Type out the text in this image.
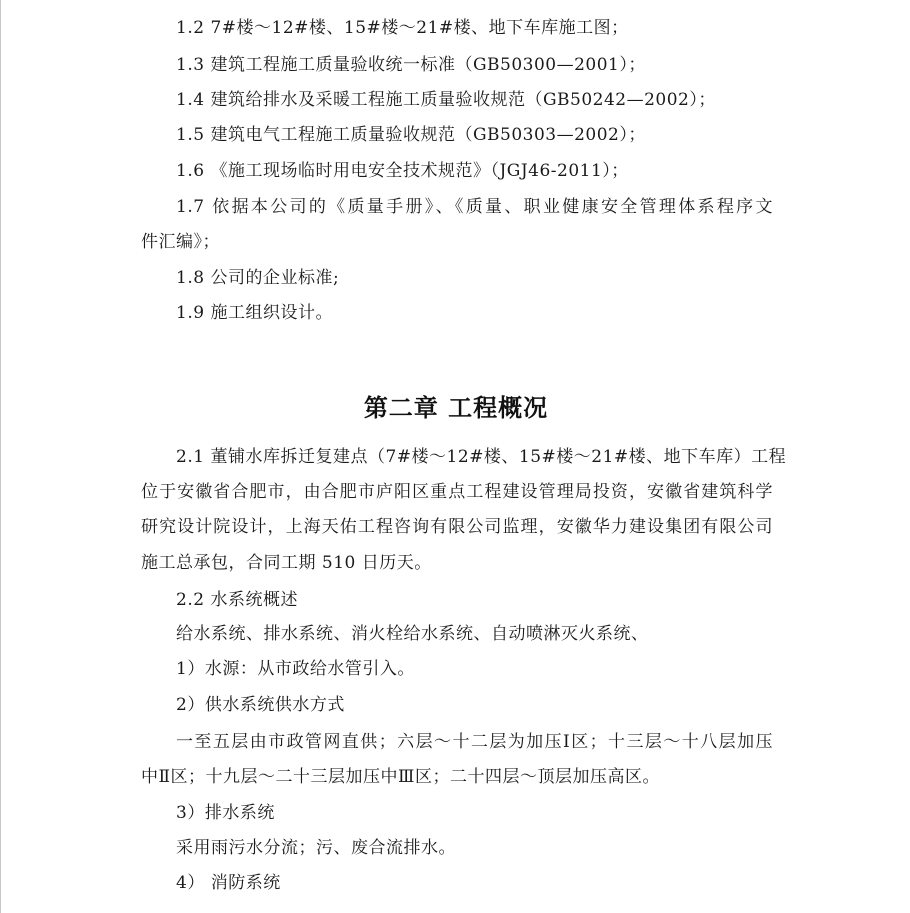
1.2 7#楼～12#楼、15#楼～21#楼、地下车库施工图；
1.3 建筑工程施工质量验收统一标准（GB50300—2001）；
1.4 建筑给排水及采暖工程施工质量验收规范（GB50242—2002）；
1.5 建筑电气工程施工质量验收规范（GB50303—2002）；
1.6 《施工现场临时用电安全技术规范》（JGJ46-2011）；
1.7 依据本公司的《质量手册》、《质量、职业健康安全管理体系程序文
件汇编》；
1.8 公司的企业标准;
1.9 施工组织设计。
第二章 工程概况
2.1 董铺水库拆迁复建点（7#楼～12#楼、15#楼～21#楼、地下车库）工程
位于安徽省合肥市，由合肥市庐阳区重点工程建设管理局投资，安徽省建筑科学
研究设计院设计，上海天佑工程咨询有限公司监理，安徽华力建设集团有限公司
施工总承包，合同工期 510 日历天。
2.2 水系统概述
给水系统、排水系统、消火栓给水系统、自动喷淋灭火系统、
1）水源：从市政给水管引入。
2）供水系统供水方式
一至五层由市政管网直供；六层～十二层为加压Ⅰ区；十三层～十八层加压
中Ⅱ区；十九层～二十三层加压中Ⅲ区；二十四层～顶层加压高区。
3）排水系统
采用雨污水分流；污、废合流排水。
4） 消防系统
